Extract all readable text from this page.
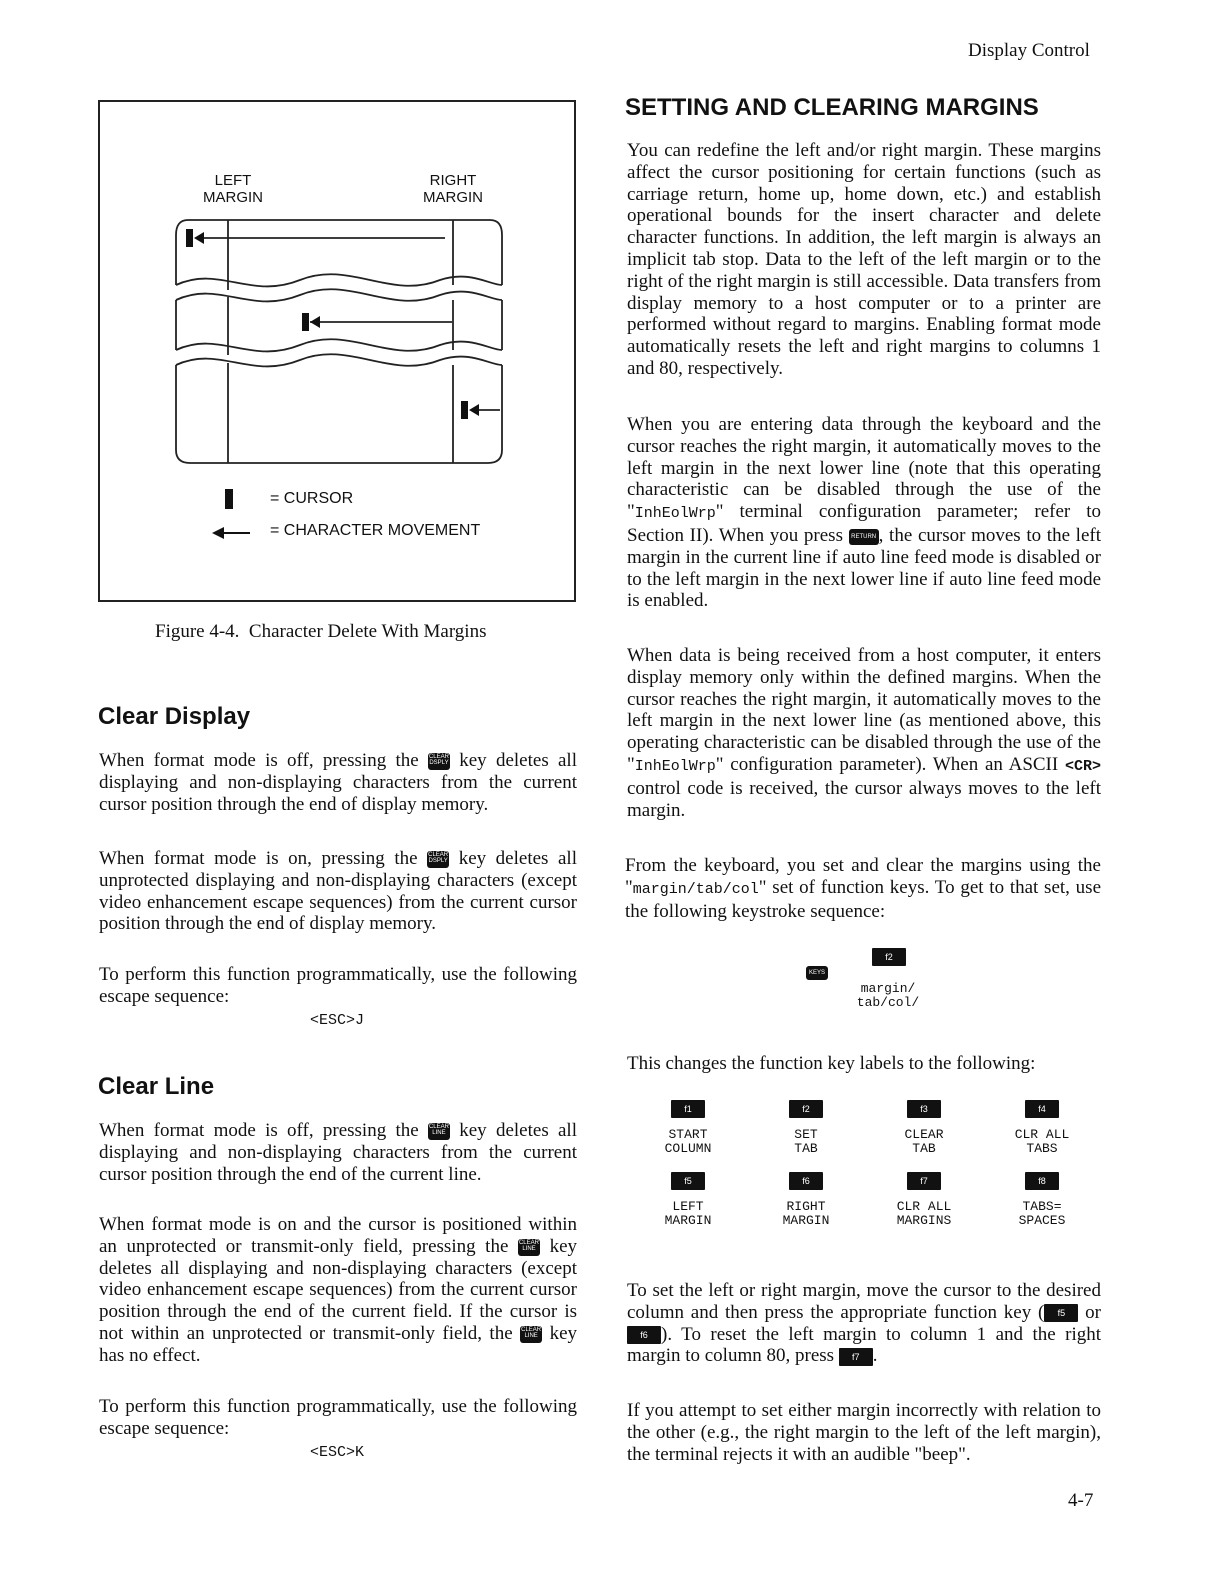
Display Control
LEFT
MARGIN
RIGHT
MARGIN
= CURSOR
= CHARACTER MOVEMENT
Figure 4-4.  Character Delete With Margins
Clear Display

When format mode is off, pressing the CLEAR
DSPLY key deletes all displaying and non-displaying characters from the current cursor position through the end of display memory.

When format mode is on, pressing the CLEAR
DSPLY key deletes all unprotected displaying and non-displaying characters (except video enhancement escape sequences) from the current cursor position through the end of display memory.

To perform this function programmatically, use the following escape sequence:

<ESC>J
Clear Line

When format mode is off, pressing the CLEAR
LINE key deletes all displaying and non-displaying characters from the current cursor position through the end of the current line.

When format mode is on and the cursor is positioned within an unprotected or transmit-only field, pressing the CLEAR
LINE key deletes all displaying and non-displaying characters (except video enhancement escape sequences) from the current cursor position through the end of the current field. If the cursor is not within an unprotected or transmit-only field, the CLEAR
LINE key has no effect.

To perform this function programmatically, use the following escape sequence:

<ESC>K
SETTING AND CLEARING MARGINS

You can redefine the left and/or right margin. These margins affect the cursor positioning for certain functions (such as carriage return, home up, home down, etc.) and establish operational bounds for the insert character and delete character functions. In addition, the left margin is always an implicit tab stop. Data to the left of the left margin or to the right of the right margin is still accessible. Data transfers from display memory to a host computer or to a printer are performed without regard to margins. Enabling format mode automatically resets the left and right margins to columns 1 and 80, respectively.

When you are entering data through the keyboard and the cursor reaches the right margin, it automatically moves to the left margin in the next lower line (note that this operating characteristic can be disabled through the use of the "InhEolWrp" terminal configuration parameter; refer to Section II). When you press RETURN , the cursor moves to the left margin in the current line if auto line feed mode is disabled or to the left margin in the next lower line if auto line feed mode is enabled.

When data is being received from a host computer, it enters display memory only within the defined margins. When the cursor reaches the right margin, it automatically moves to the left margin in the next lower line (as mentioned above, this operating characteristic can be disabled through the use of the "InhEolWrp" configuration parameter). When an ASCII <CR> control code is received, the cursor always moves to the left margin.

From the keyboard, you set and clear the margins using the "margin/tab/col" set of function keys. To get to that set, use the following keystroke sequence:

KEYS
f2
margin/
tab/col/

This changes the function key labels to the following:

f1
START
COLUMN
f2
SET
TAB
f3
CLEAR
TAB
f4
CLR ALL
TABS
f5
LEFT
MARGIN
f6
RIGHT
MARGIN
f7
CLR ALL
MARGINS
f8
TABS=
SPACES

To set the left or right margin, move the cursor to the desired column and then press the appropriate function key ( f5 or f6 ). To reset the left margin to column 1 and the right margin to column 80, press f7 .

If you attempt to set either margin incorrectly with relation to the other (e.g., the right margin to the left of the left margin), the terminal rejects it with an audible "beep".

4-7
